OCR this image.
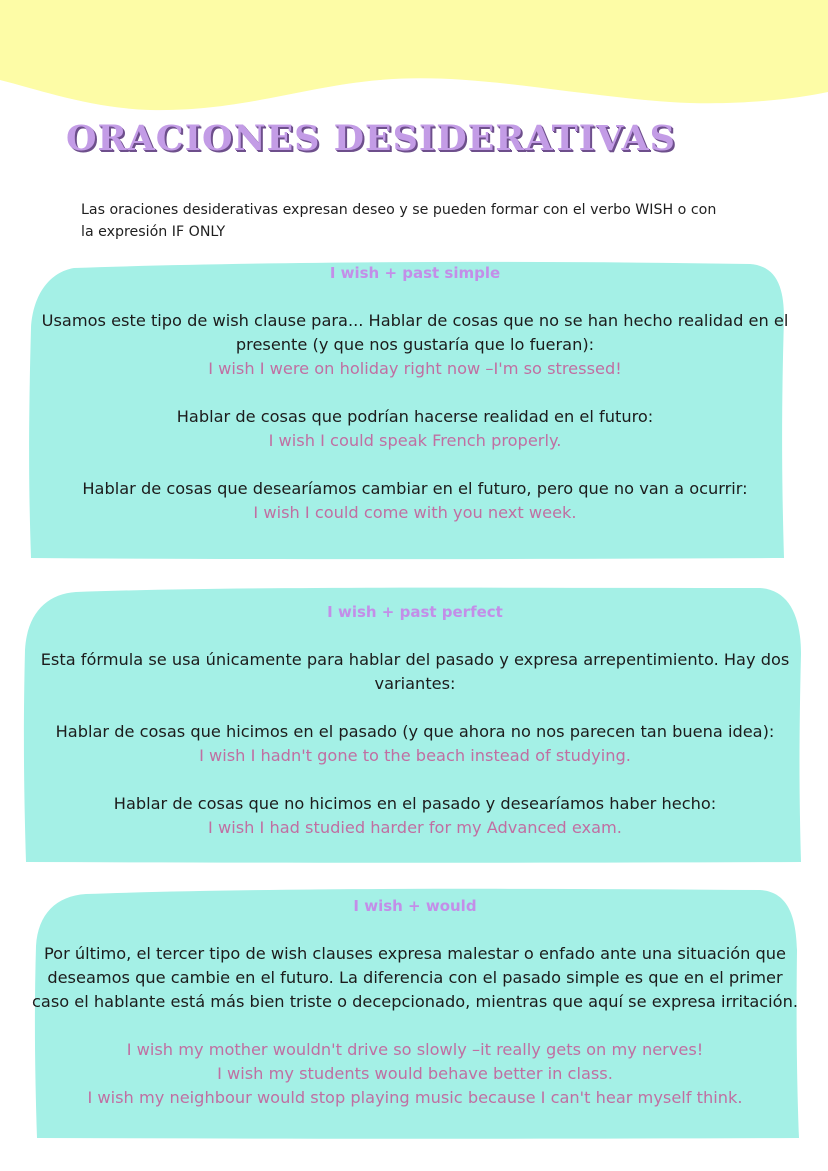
ORACIONES DESIDERATIVAS
Las oraciones desiderativas expresan deseo y se pueden formar con el verbo WISH o con
la expresión IF ONLY
I wish + past simple

Usamos este tipo de wish clause para... Hablar de cosas que no se han hecho realidad en el presente (y que nos gustaría que lo fueran):

I wish I were on holiday right now –I'm so stressed!

Hablar de cosas que podrían hacerse realidad en el futuro:

I wish I could speak French properly.

Hablar de cosas que desearíamos cambiar en el futuro, pero que no van a ocurrir:

I wish I could come with you next week.

I wish + past perfect

Esta fórmula se usa únicamente para hablar del pasado y expresa arrepentimiento. Hay dos variantes:

Hablar de cosas que hicimos en el pasado (y que ahora no nos parecen tan buena idea):

I wish I hadn't gone to the beach instead of studying.

Hablar de cosas que no hicimos en el pasado y desearíamos haber hecho:

I wish I had studied harder for my Advanced exam.

I wish + would

Por último, el tercer tipo de wish clauses expresa malestar o enfado ante una situación que deseamos que cambie en el futuro. La diferencia con el pasado simple es que en el primer caso el hablante está más bien triste o decepcionado, mientras que aquí se expresa irritación.

I wish my mother wouldn't drive so slowly –it really gets on my nerves!

I wish my students would behave better in class.

I wish my neighbour would stop playing music because I can't hear myself think.
